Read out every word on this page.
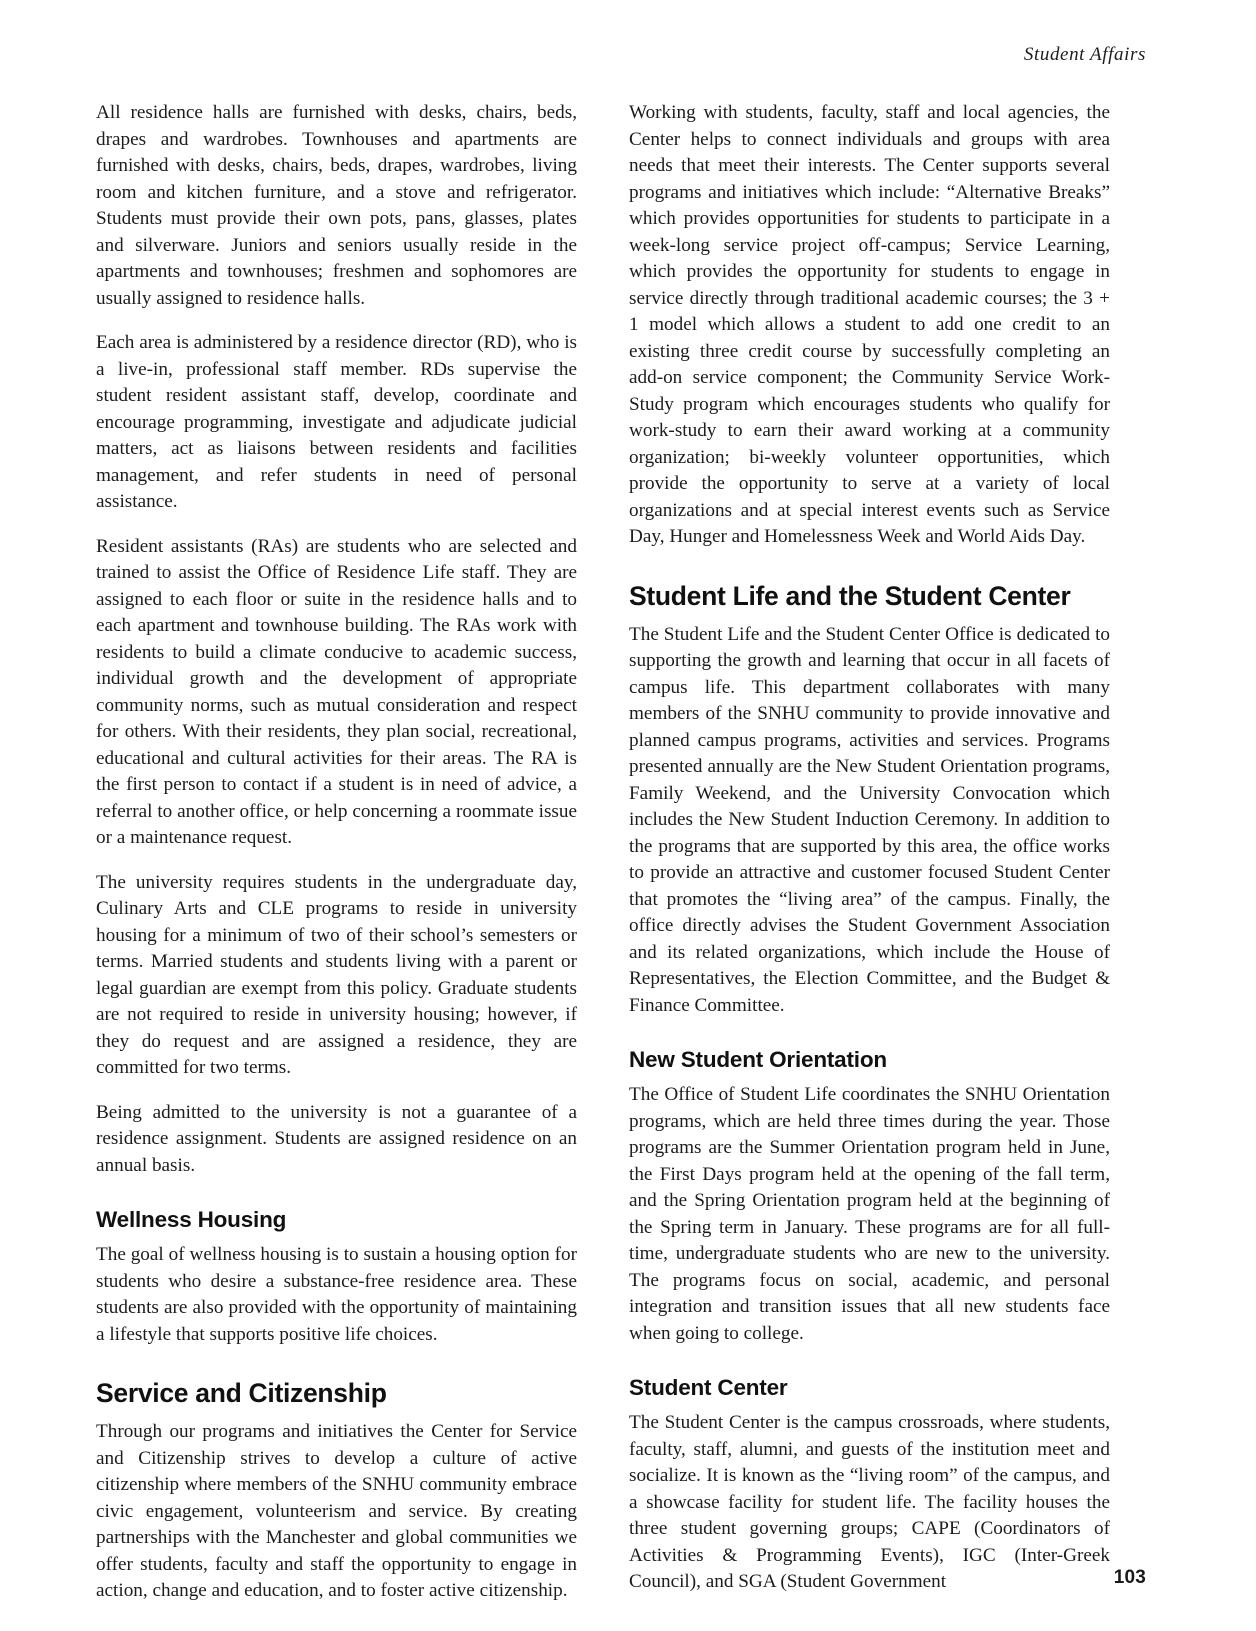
Student Affairs

All residence halls are furnished with desks, chairs, beds, drapes and wardrobes. Townhouses and apartments are furnished with desks, chairs, beds, drapes, wardrobes, living room and kitchen furniture, and a stove and refrigerator. Students must provide their own pots, pans, glasses, plates and silverware. Juniors and seniors usually reside in the apartments and townhouses; freshmen and sophomores are usually assigned to residence halls.

Each area is administered by a residence director (RD), who is a live-in, professional staff member. RDs supervise the student resident assistant staff, develop, coordinate and encourage programming, investigate and adjudicate judicial matters, act as liaisons between residents and facilities management, and refer students in need of personal assistance.

Resident assistants (RAs) are students who are selected and trained to assist the Office of Residence Life staff. They are assigned to each floor or suite in the residence halls and to each apartment and townhouse building. The RAs work with residents to build a climate conducive to academic success, individual growth and the development of appropriate community norms, such as mutual consideration and respect for others. With their residents, they plan social, recreational, educational and cultural activities for their areas. The RA is the first person to contact if a student is in need of advice, a referral to another office, or help concerning a roommate issue or a maintenance request.

The university requires students in the undergraduate day, Culinary Arts and CLE programs to reside in university housing for a minimum of two of their school’s semesters or terms. Married students and students living with a parent or legal guardian are exempt from this policy. Graduate students are not required to reside in university housing; however, if they do request and are assigned a residence, they are committed for two terms.

Being admitted to the university is not a guarantee of a residence assignment. Students are assigned residence on an annual basis.

Wellness Housing

The goal of wellness housing is to sustain a housing option for students who desire a substance-free residence area. These students are also provided with the opportunity of maintaining a lifestyle that supports positive life choices.

Service and Citizenship

Through our programs and initiatives the Center for Service and Citizenship strives to develop a culture of active citizenship where members of the SNHU community embrace civic engagement, volunteerism and service. By creating partnerships with the Manchester and global communities we offer students, faculty and staff the opportunity to engage in action, change and education, and to foster active citizenship.

Working with students, faculty, staff and local agencies, the Center helps to connect individuals and groups with area needs that meet their interests. The Center supports several programs and initiatives which include: “Alternative Breaks” which provides opportunities for students to participate in a week-long service project off-campus; Service Learning, which provides the opportunity for students to engage in service directly through traditional academic courses; the 3 + 1 model which allows a student to add one credit to an existing three credit course by successfully completing an add-on service component; the Community Service Work-Study program which encourages students who qualify for work-study to earn their award working at a community organization; bi-weekly volunteer opportunities, which provide the opportunity to serve at a variety of local organizations and at special interest events such as Service Day, Hunger and Homelessness Week and World Aids Day.

Student Life and the Student Center

The Student Life and the Student Center Office is dedicated to supporting the growth and learning that occur in all facets of campus life. This department collaborates with many members of the SNHU community to provide innovative and planned campus programs, activities and services. Programs presented annually are the New Student Orientation programs, Family Weekend, and the University Convocation which includes the New Student Induction Ceremony. In addition to the programs that are supported by this area, the office works to provide an attractive and customer focused Student Center that promotes the “living area” of the campus. Finally, the office directly advises the Student Government Association and its related organizations, which include the House of Representatives, the Election Committee, and the Budget & Finance Committee.

New Student Orientation

The Office of Student Life coordinates the SNHU Orientation programs, which are held three times during the year. Those programs are the Summer Orientation program held in June, the First Days program held at the opening of the fall term, and the Spring Orientation program held at the beginning of the Spring term in January. These programs are for all full-time, undergraduate students who are new to the university. The programs focus on social, academic, and personal integration and transition issues that all new students face when going to college.

Student Center

The Student Center is the campus crossroads, where students, faculty, staff, alumni, and guests of the institution meet and socialize. It is known as the “living room” of the campus, and a showcase facility for student life. The facility houses the three student governing groups; CAPE (Coordinators of Activities & Programming Events), IGC (Inter-Greek Council), and SGA (Student Government	103
